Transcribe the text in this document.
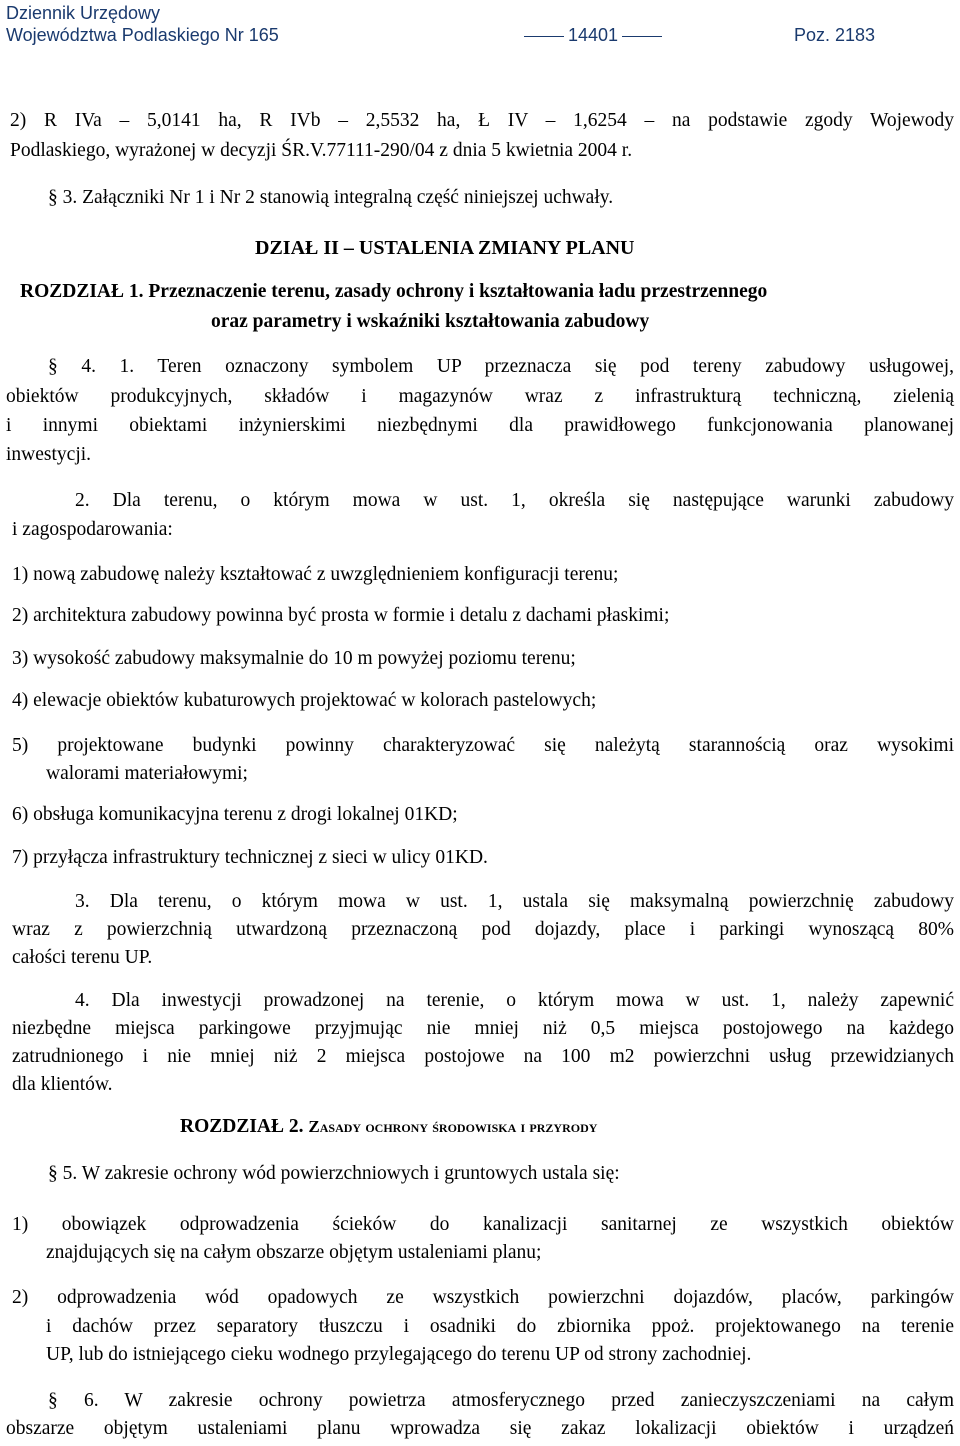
Dziennik Urzędowy
Województwa Podlaskiego Nr 165	14401	Poz. 2183
2) R IVa – 5,0141 ha, R IVb – 2,5532 ha, Ł IV – 1,6254 – na podstawie zgody Wojewody
Podlaskiego, wyrażonej w decyzji ŚR.V.77111-290/04 z dnia 5 kwietnia 2004 r.
§ 3. Załączniki Nr 1 i Nr 2 stanowią integralną część niniejszej uchwały.
DZIAŁ II – USTALENIA ZMIANY PLANU
ROZDZIAŁ 1. Przeznaczenie terenu, zasady ochrony i kształtowania ładu przestrzennego
oraz parametry i wskaźniki kształtowania zabudowy
§ 4. 1. Teren oznaczony symbolem UP przeznacza się pod tereny zabudowy usługowej,
obiektów produkcyjnych, składów i magazynów wraz z infrastrukturą techniczną, zielenią
i innymi obiektami inżynierskimi niezbędnymi dla prawidłowego funkcjonowania planowanej
inwestycji.
2. Dla terenu, o którym mowa w ust. 1, określa się następujące warunki zabudowy
i zagospodarowania:
1) nową zabudowę należy kształtować z uwzględnieniem konfiguracji terenu;
2) architektura zabudowy powinna być prosta w formie i detalu z dachami płaskimi;
3) wysokość zabudowy maksymalnie do 10 m powyżej poziomu terenu;
4) elewacje obiektów kubaturowych projektować w kolorach pastelowych;
5) projektowane budynki powinny charakteryzować się należytą starannością oraz wysokimi
walorami materiałowymi;
6) obsługa komunikacyjna terenu z drogi lokalnej 01KD;
7) przyłącza infrastruktury technicznej z sieci w ulicy 01KD.
3. Dla terenu, o którym mowa w ust. 1, ustala się maksymalną powierzchnię zabudowy
wraz z powierzchnią utwardzoną przeznaczoną pod dojazdy, place i parkingi wynoszącą 80%
całości terenu UP.
4. Dla inwestycji prowadzonej na terenie, o którym mowa w ust. 1, należy zapewnić
niezbędne miejsca parkingowe przyjmując nie mniej niż 0,5 miejsca postojowego na każdego
zatrudnionego i nie mniej niż 2 miejsca postojowe na 100 m2 powierzchni usług przewidzianych
dla klientów.
ROZDZIAŁ 2. Zasady ochrony środowiska i przyrody
§ 5. W zakresie ochrony wód powierzchniowych i gruntowych ustala się:
1) obowiązek odprowadzenia ścieków do kanalizacji sanitarnej ze wszystkich obiektów
znajdujących się na całym obszarze objętym ustaleniami planu;
2) odprowadzenia wód opadowych ze wszystkich powierzchni dojazdów, placów, parkingów
i dachów przez separatory tłuszczu i osadniki do zbiornika ppoż. projektowanego na terenie
UP, lub do istniejącego cieku wodnego przylegającego do terenu UP od strony zachodniej.
§ 6. W zakresie ochrony powietrza atmosferycznego przed zanieczyszczeniami na całym
obszarze objętym ustaleniami planu wprowadza się zakaz lokalizacji obiektów i urządzeń
